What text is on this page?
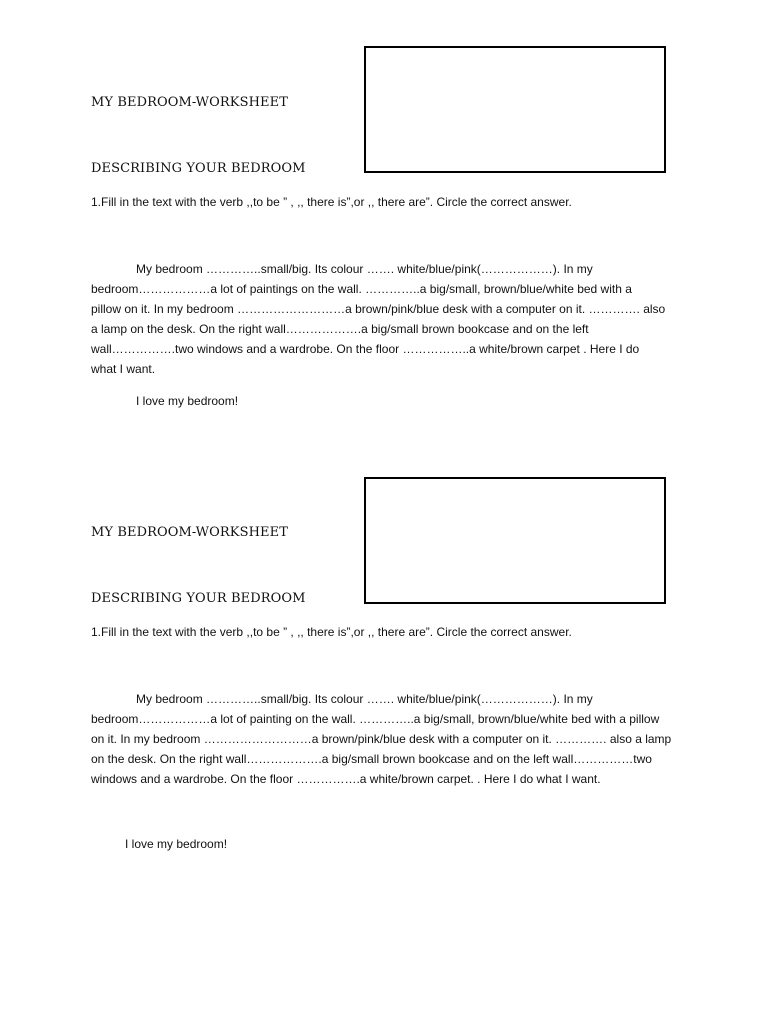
MY BEDROOM-WORKSHEET
DESCRIBING YOUR BEDROOM
1.Fill in the text with the verb ,,to be ” , ,, there is”,or ,, there are”. Circle the correct answer.
My bedroom …………..small/big. Its colour ……. white/blue/pink(………………). In my
bedroom………………a lot of paintings on the wall. …………..a big/small, brown/blue/white bed with a
pillow on it. In my bedroom ………………………a brown/pink/blue desk with a computer on it. …………. also
a lamp on the desk. On the right wall……………….a big/small brown bookcase and on the left
wall…………….two windows and a wardrobe. On the floor ……………..a white/brown carpet . Here I do
what I want.
I love my bedroom!
MY BEDROOM-WORKSHEET
DESCRIBING YOUR BEDROOM
1.Fill in the text with the verb ,,to be ” , ,, there is”,or ,, there are”. Circle the correct answer.
My bedroom …………..small/big. Its colour ……. white/blue/pink(………………). In my
bedroom………………a lot of painting on the wall. …………..a big/small, brown/blue/white bed with a pillow
on it. In my bedroom ………………………a brown/pink/blue desk with a computer on it. …………. also a lamp
on the desk. On the right wall……………….a big/small brown bookcase and on the left wall……………two
windows and a wardrobe. On the floor …………….a white/brown carpet. . Here I do what I want.
I love my bedroom!
